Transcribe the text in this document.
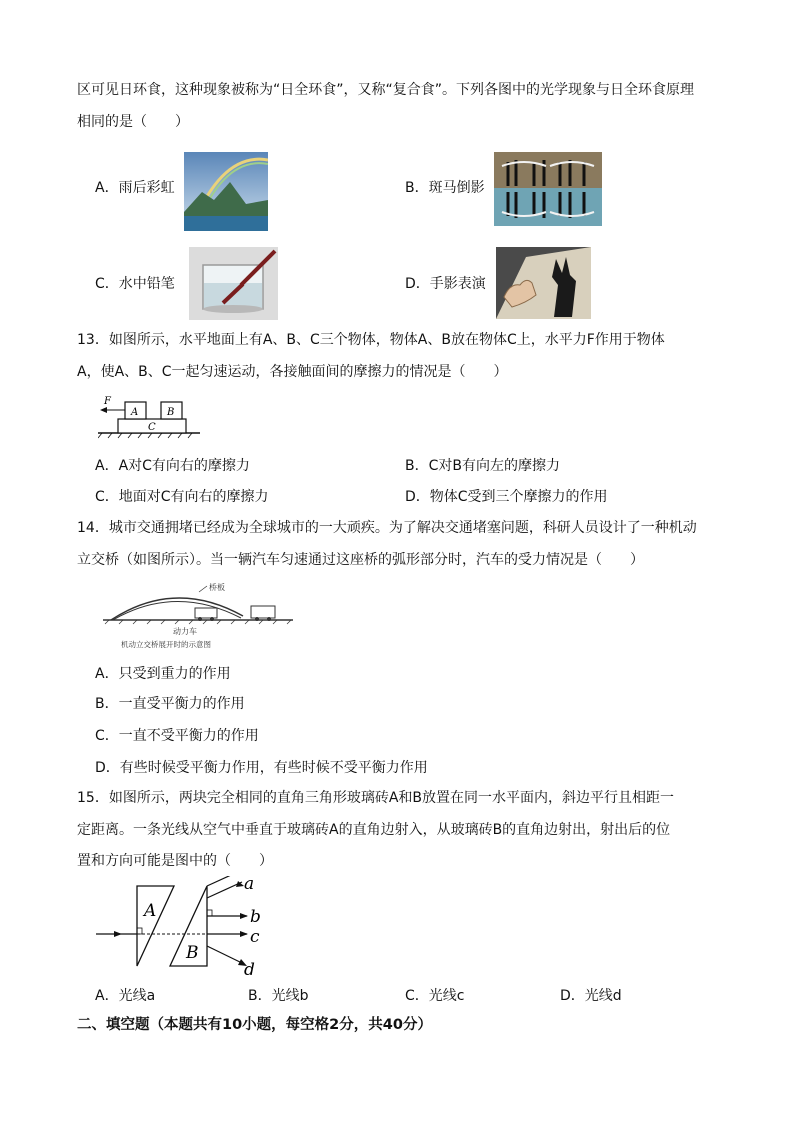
区可见日环食，这种现象被称为“日全环食”，又称“复合食”。下列各图中的光学现象与日全环食原理
相同的是（　　）
A．雨后彩虹	B．斑马倒影
C．水中铅笔	D．手影表演
13．如图所示，水平地面上有A、B、C三个物体，物体A、B放在物体C上，水平力F作用于物体
A，使A、B、C一起匀速运动，各接触面间的摩擦力的情况是（　　）
F
A	B
C
A．A对C有向右的摩擦力	B．C对B有向左的摩擦力
C．地面对C有向右的摩擦力	D．物体C受到三个摩擦力的作用
14．城市交通拥堵已经成为全球城市的一大顽疾。为了解决交通堵塞问题，科研人员设计了一种机动
立交桥（如图所示）。当一辆汽车匀速通过这座桥的弧形部分时，汽车的受力情况是（　　）
桥板
动力车
机动立交桥展开时的示意图
A．只受到重力的作用
B．一直受平衡力的作用
C．一直不受平衡力的作用
D．有些时候受平衡力作用，有些时候不受平衡力作用
15．如图所示，两块完全相同的直角三角形玻璃砖A和B放置在同一水平面内，斜边平行且相距一
定距离。一条光线从空气中垂直于玻璃砖A的直角边射入，从玻璃砖B的直角边射出，射出后的位
置和方向可能是图中的（　　）
A
B
a
b
c
d
A．光线a	B．光线b	C．光线c	D．光线d
二、填空题（本题共有10小题，每空格2分，共40分）
